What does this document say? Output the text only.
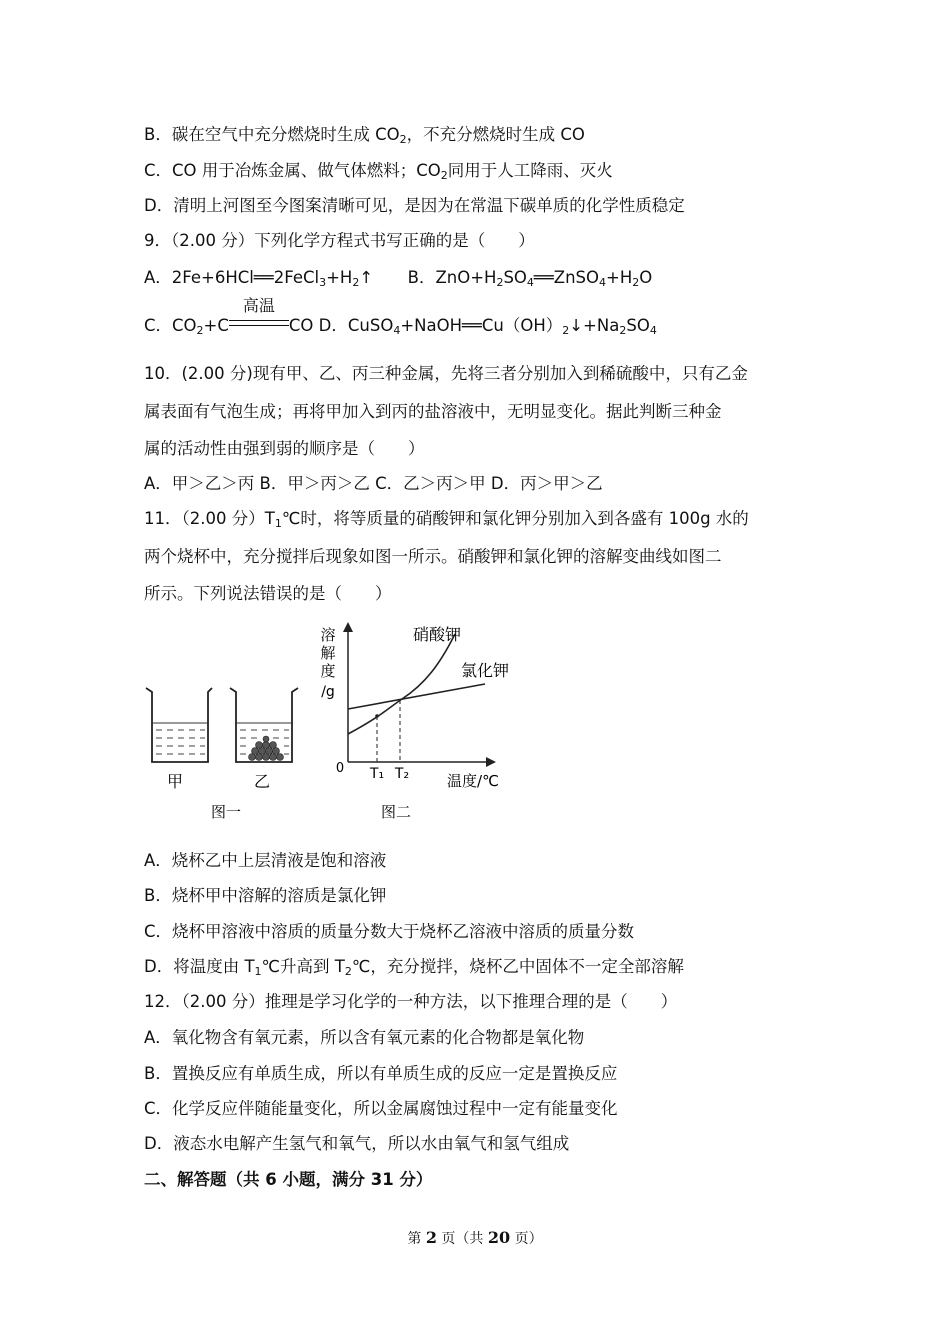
B．碳在空气中充分燃烧时生成 $CO_2$，不充分燃烧时生成 CO
C．CO 用于冶炼金属、做气体燃料；$CO_2$同用于人工降雨、灭火
D．清明上河图至今图案清晰可见，是因为在常温下碳单质的化学性质稳定
9．（2.00 分）下列化学方程式书写正确的是（　　）
A．$2Fe+6HCl══2FeCl_3+H_2↑$ B．$ZnO+H_2SO_4══ZnSO_4+H_2O$
C．$CO_2+C$
高温
CO D．$CuSO_4+NaOH══Cu(OH)_2↓+Na_2SO_4$
10．(2.00 分)现有甲、乙、丙三种金属，先将三者分别加入到稀硫酸中，只有乙金
属表面有气泡生成；再将甲加入到丙的盐溶液中，无明显变化。据此判断三种金
属的活动性由强到弱的顺序是（　　）
A．甲＞乙＞丙 B．甲＞丙＞乙 C．乙＞丙＞甲 D．丙＞甲＞乙
11．（2.00 分）$T_1℃$时，将等质量的硝酸钾和氯化钾分别加入到各盛有 100g 水的
两个烧杯中，充分搅拌后现象如图一所示。硝酸钾和氯化钾的溶解变曲线如图二
所示。下列说法错误的是（　　）
甲	乙
图一
溶
解
度
/g
0 T₁ T₂	温度/℃
硝酸钾
氯化钾
图二
A．烧杯乙中上层清液是饱和溶液
B．烧杯甲中溶解的溶质是氯化钾
C．烧杯甲溶液中溶质的质量分数大于烧杯乙溶液中溶质的质量分数
D．将温度由 $T_1℃$升高到 $T_2℃$，充分搅拌，烧杯乙中固体不一定全部溶解
12．（2.00 分）推理是学习化学的一种方法，以下推理合理的是（　　）
A．氧化物含有氧元素，所以含有氧元素的化合物都是氧化物
B．置换反应有单质生成，所以有单质生成的反应一定是置换反应
C．化学反应伴随能量变化，所以金属腐蚀过程中一定有能量变化
D．液态水电解产生氢气和氧气，所以水由氧气和氢气组成
二、解答题（共 6 小题，满分 31 分）
第 2 页（共 20 页）
